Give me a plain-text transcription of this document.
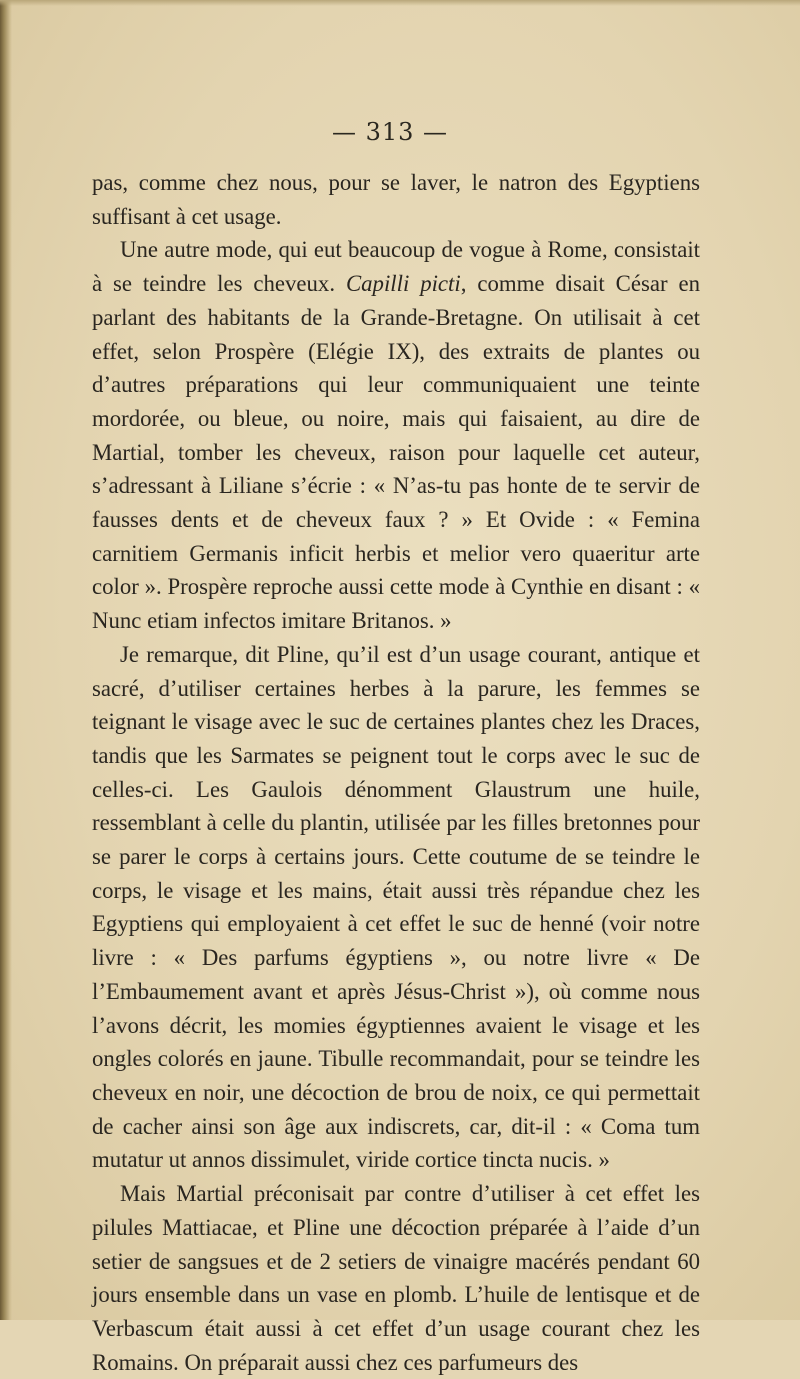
— 313 —

pas, comme chez nous, pour se laver, le natron des Egyptiens suffisant à cet usage.

Une autre mode, qui eut beaucoup de vogue à Rome, consistait à se teindre les cheveux. Capilli picti, comme disait César en parlant des habitants de la Grande-Bretagne. On utilisait à cet effet, selon Prospère (Elégie IX), des extraits de plantes ou d’autres préparations qui leur communiquaient une teinte mordorée, ou bleue, ou noire, mais qui faisaient, au dire de Martial, tomber les cheveux, raison pour laquelle cet auteur, s’adressant à Liliane s’écrie : « N’as-tu pas honte de te servir de fausses dents et de cheveux faux ? » Et Ovide : « Femina carnitiem Germanis inficit herbis et melior vero quaeritur arte color ». Prospère reproche aussi cette mode à Cynthie en disant : « Nunc etiam infectos imitare Britanos. »

Je remarque, dit Pline, qu’il est d’un usage courant, antique et sacré, d’utiliser certaines herbes à la parure, les femmes se teignant le visage avec le suc de certaines plantes chez les Draces, tandis que les Sarmates se peignent tout le corps avec le suc de celles-ci. Les Gaulois dénomment Glaustrum une huile, ressemblant à celle du plantin, utilisée par les filles bretonnes pour se parer le corps à certains jours. Cette coutume de se teindre le corps, le visage et les mains, était aussi très répandue chez les Egyptiens qui employaient à cet effet le suc de henné (voir notre livre : « Des parfums égyptiens », ou notre livre « De l’Embaumement avant et après Jésus-Christ »), où comme nous l’avons décrit, les momies égyptiennes avaient le visage et les ongles colorés en jaune. Tibulle recommandait, pour se teindre les cheveux en noir, une décoction de brou de noix, ce qui permettait de cacher ainsi son âge aux indiscrets, car, dit-il : « Coma tum mutatur ut annos dissimulet, viride cortice tincta nucis. »

Mais Martial préconisait par contre d’utiliser à cet effet les pilules Mattiacae, et Pline une décoction préparée à l’aide d’un setier de sangsues et de 2 setiers de vinaigre macérés pendant 60 jours ensemble dans un vase en plomb. L’huile de lentisque et de Verbascum était aussi à cet effet d’un usage courant chez les Romains. On préparait aussi chez ces parfumeurs des
